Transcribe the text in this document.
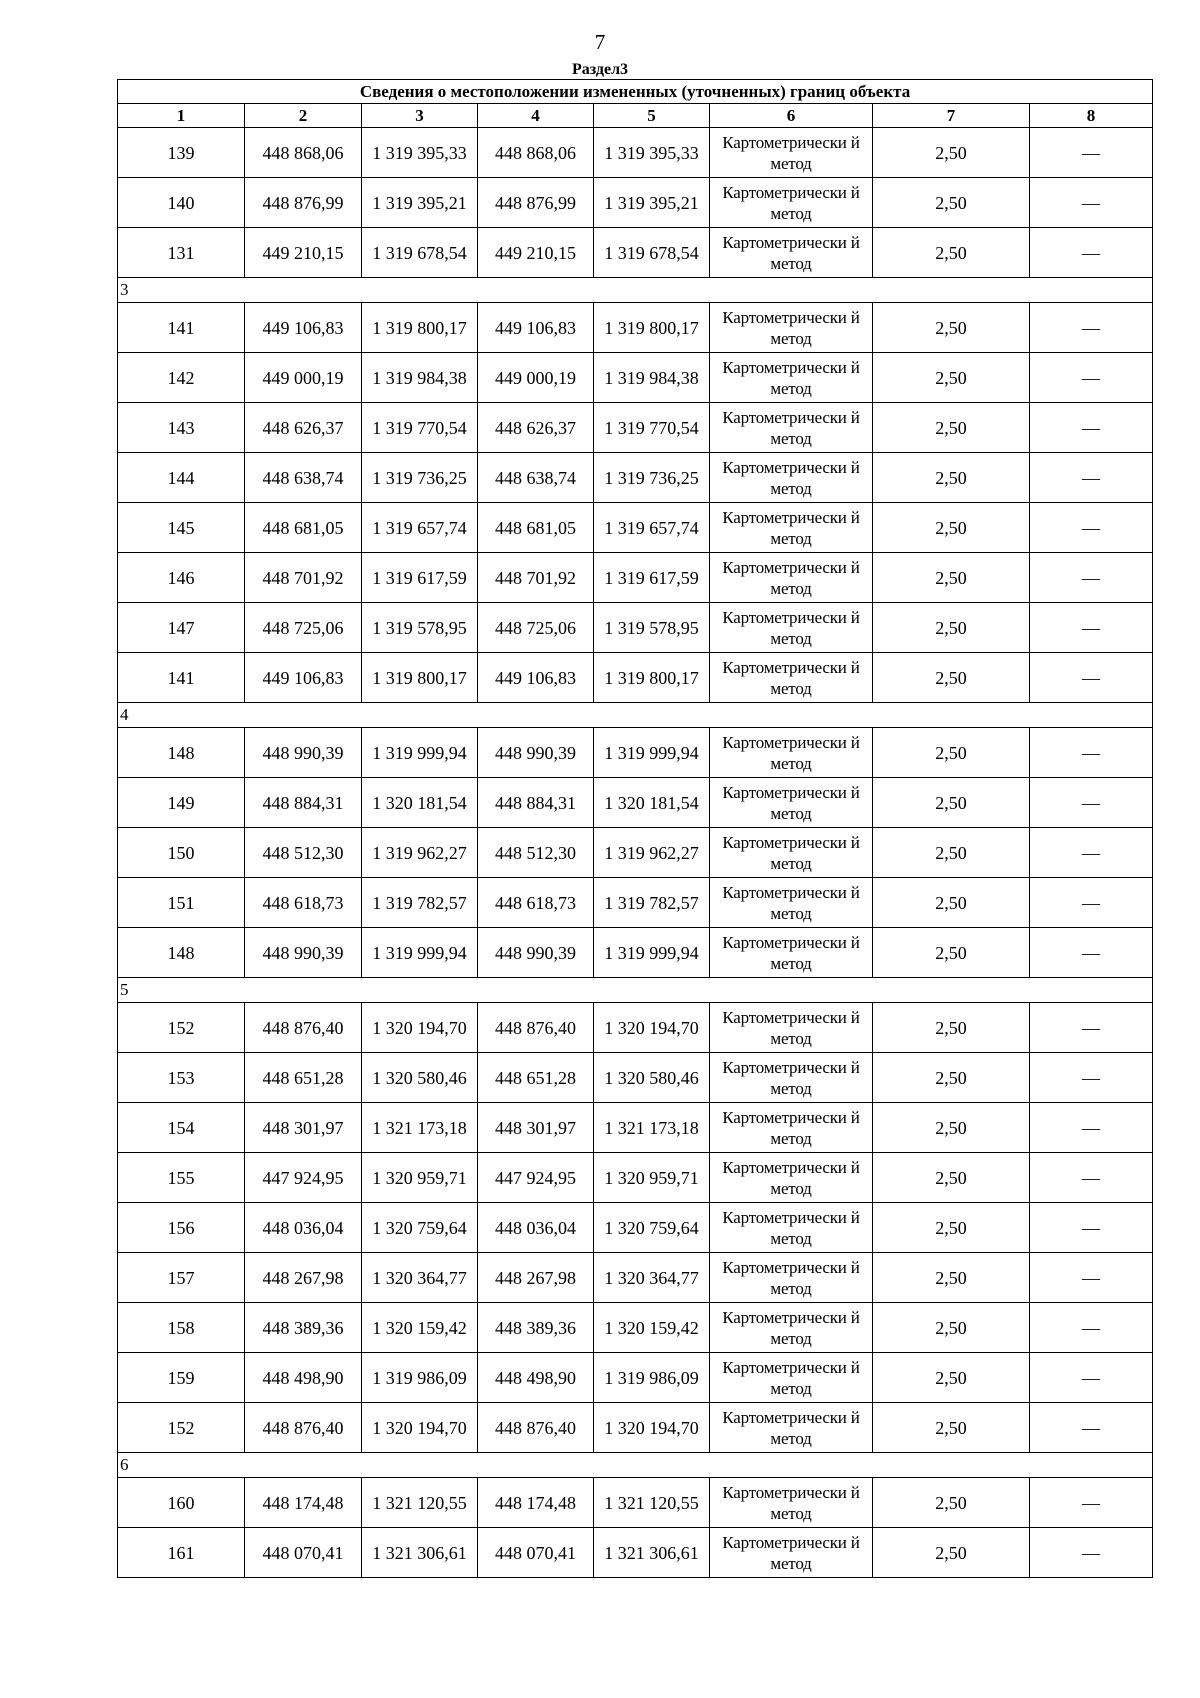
7
Раздел3
Сведения о местоположении измененных (уточненных) границ объекта							
1	2	3	4	5	6	7	8
139	448 868,06	1 319 395,33	448 868,06	1 319 395,33	Картометрически й метод	2,50	—
140	448 876,99	1 319 395,21	448 876,99	1 319 395,21	Картометрически й метод	2,50	—
131	449 210,15	1 319 678,54	449 210,15	1 319 678,54	Картометрически й метод	2,50	—
3							
141	449 106,83	1 319 800,17	449 106,83	1 319 800,17	Картометрически й метод	2,50	—
142	449 000,19	1 319 984,38	449 000,19	1 319 984,38	Картометрически й метод	2,50	—
143	448 626,37	1 319 770,54	448 626,37	1 319 770,54	Картометрически й метод	2,50	—
144	448 638,74	1 319 736,25	448 638,74	1 319 736,25	Картометрически й метод	2,50	—
145	448 681,05	1 319 657,74	448 681,05	1 319 657,74	Картометрически й метод	2,50	—
146	448 701,92	1 319 617,59	448 701,92	1 319 617,59	Картометрически й метод	2,50	—
147	448 725,06	1 319 578,95	448 725,06	1 319 578,95	Картометрически й метод	2,50	—
141	449 106,83	1 319 800,17	449 106,83	1 319 800,17	Картометрически й метод	2,50	—
4							
148	448 990,39	1 319 999,94	448 990,39	1 319 999,94	Картометрически й метод	2,50	—
149	448 884,31	1 320 181,54	448 884,31	1 320 181,54	Картометрически й метод	2,50	—
150	448 512,30	1 319 962,27	448 512,30	1 319 962,27	Картометрически й метод	2,50	—
151	448 618,73	1 319 782,57	448 618,73	1 319 782,57	Картометрически й метод	2,50	—
148	448 990,39	1 319 999,94	448 990,39	1 319 999,94	Картометрически й метод	2,50	—
5							
152	448 876,40	1 320 194,70	448 876,40	1 320 194,70	Картометрически й метод	2,50	—
153	448 651,28	1 320 580,46	448 651,28	1 320 580,46	Картометрически й метод	2,50	—
154	448 301,97	1 321 173,18	448 301,97	1 321 173,18	Картометрически й метод	2,50	—
155	447 924,95	1 320 959,71	447 924,95	1 320 959,71	Картометрически й метод	2,50	—
156	448 036,04	1 320 759,64	448 036,04	1 320 759,64	Картометрически й метод	2,50	—
157	448 267,98	1 320 364,77	448 267,98	1 320 364,77	Картометрически й метод	2,50	—
158	448 389,36	1 320 159,42	448 389,36	1 320 159,42	Картометрически й метод	2,50	—
159	448 498,90	1 319 986,09	448 498,90	1 319 986,09	Картометрически й метод	2,50	—
152	448 876,40	1 320 194,70	448 876,40	1 320 194,70	Картометрически й метод	2,50	—
6							
160	448 174,48	1 321 120,55	448 174,48	1 321 120,55	Картометрически й метод	2,50	—
161	448 070,41	1 321 306,61	448 070,41	1 321 306,61	Картометрически й метод	2,50	—
